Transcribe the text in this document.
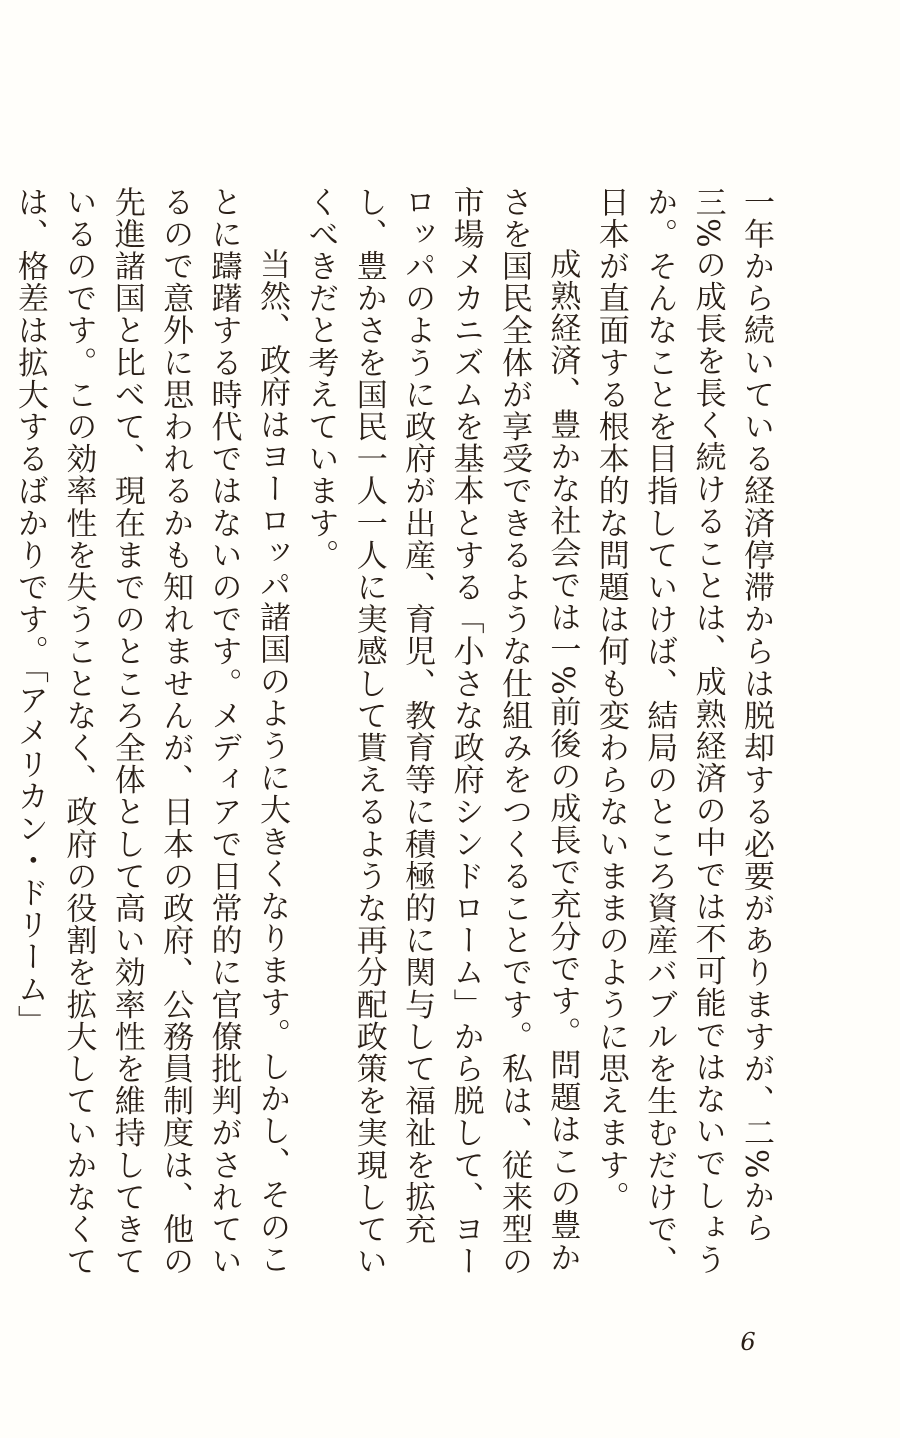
一年から続いている経済停滞からは脱却する必要がありますが、二%から三%の成長を長く続けることは、成熟経済の中では不可能ではないでしょうか。そんなことを目指していけば、結局のところ資産バブルを生むだけで、日本が直面する根本的な問題は何も変わらないままのように思えます。

成熟経済、豊かな社会では一%前後の成長で充分です。問題はこの豊かさを国民全体が享受できるような仕組みをつくることです。私は、従来型の市場メカニズムを基本とする「小さな政府シンドローム」から脱して、ヨーロッパのように政府が出産、育児、教育等に積極的に関与して福祉を拡充し、豊かさを国民一人一人に実感して貰えるような再分配政策を実現していくべきだと考えています。

当然、政府はヨーロッパ諸国のように大きくなります。しかし、そのことに躊躇する時代ではないのです。メディアで日常的に官僚批判がされているので意外に思われるかも知れませんが、日本の政府、公務員制度は、他の先進諸国と比べて、現在までのところ全体として高い効率性を維持してきているのです。この効率性を失うことなく、政府の役割を拡大していかなくては、格差は拡大するばかりです。「アメリカン・ドリーム」

6
